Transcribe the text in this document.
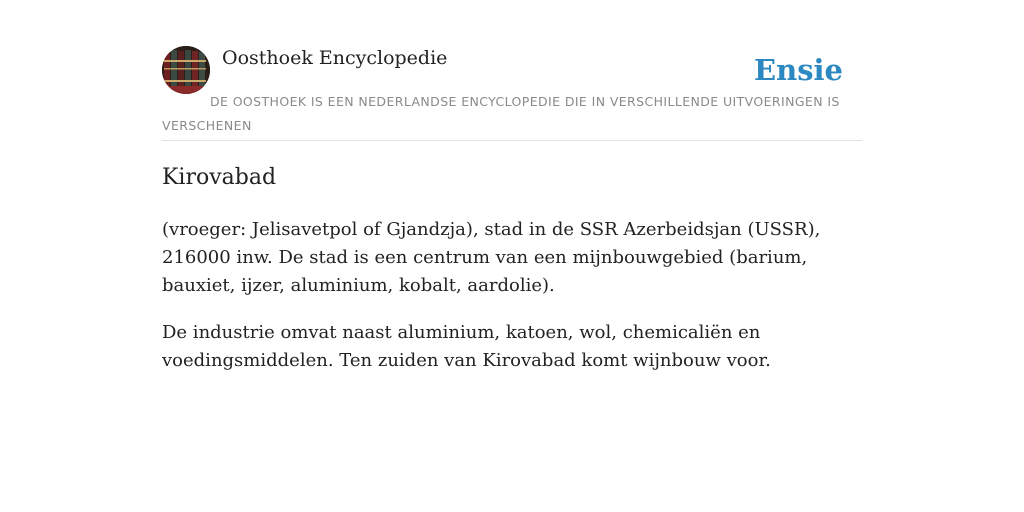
Oosthoek Encyclopedie	Ensie
DE OOSTHOEK IS EEN NEDERLANDSE ENCYCLOPEDIE DIE IN VERSCHILLENDE UITVOERINGEN IS VERSCHENEN
Kirovabad

(vroeger: Jelisavetpol of Gjandzja), stad in de SSR Azerbeidsjan (USSR), 216000 inw. De stad is een centrum van een mijnbouwgebied (barium, bauxiet, ijzer, aluminium, kobalt, aardolie).

De industrie omvat naast aluminium, katoen, wol, chemicaliën en voedingsmiddelen. Ten zuiden van Kirovabad komt wijnbouw voor.
